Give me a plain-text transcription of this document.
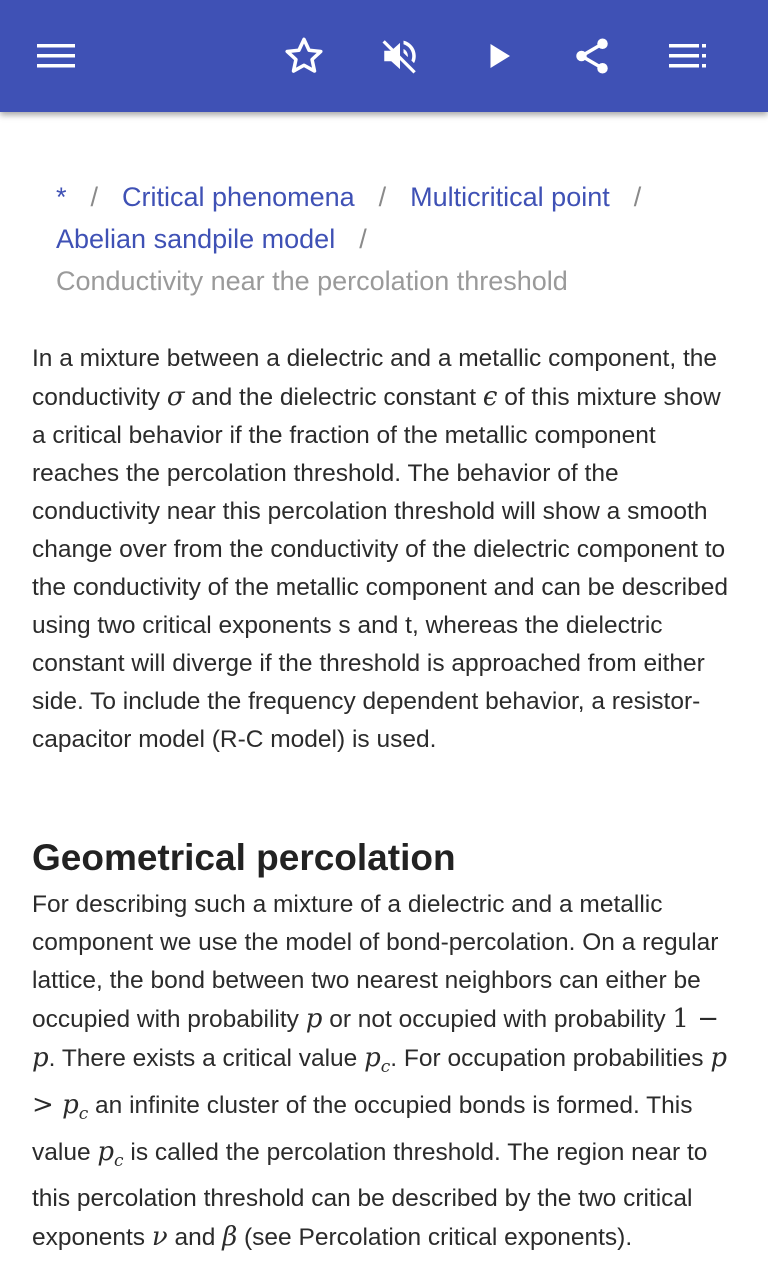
* / Critical phenomena / Multicritical point /
Abelian sandpile model /
Conductivity near the percolation threshold

In a mixture between a dielectric and a metallic component, the conductivity σ and the dielectric constant ϵ of this mixture show a critical behavior if the fraction of the metallic component reaches the percolation threshold. The behavior of the conductivity near this percolation threshold will show a smooth change over from the conductivity of the dielectric component to the conductivity of the metallic component and can be described using two critical exponents s and t, whereas the dielectric constant will diverge if the threshold is approached from either side. To include the frequency dependent behavior, a resistor-capacitor model (R-C model) is used.

Geometrical percolation

For describing such a mixture of a dielectric and a metallic component we use the model of bond-percolation. On a regular lattice, the bond between two nearest neighbors can either be occupied with probability p or not occupied with probability 1 − p. There exists a critical value $p_c$. For occupation probabilities $p > p_c$ an infinite cluster of the occupied bonds is formed. This value $p_c$ is called the percolation threshold. The region near to this percolation threshold can be described by the two critical exponents ν and β (see Percolation critical exponents).
